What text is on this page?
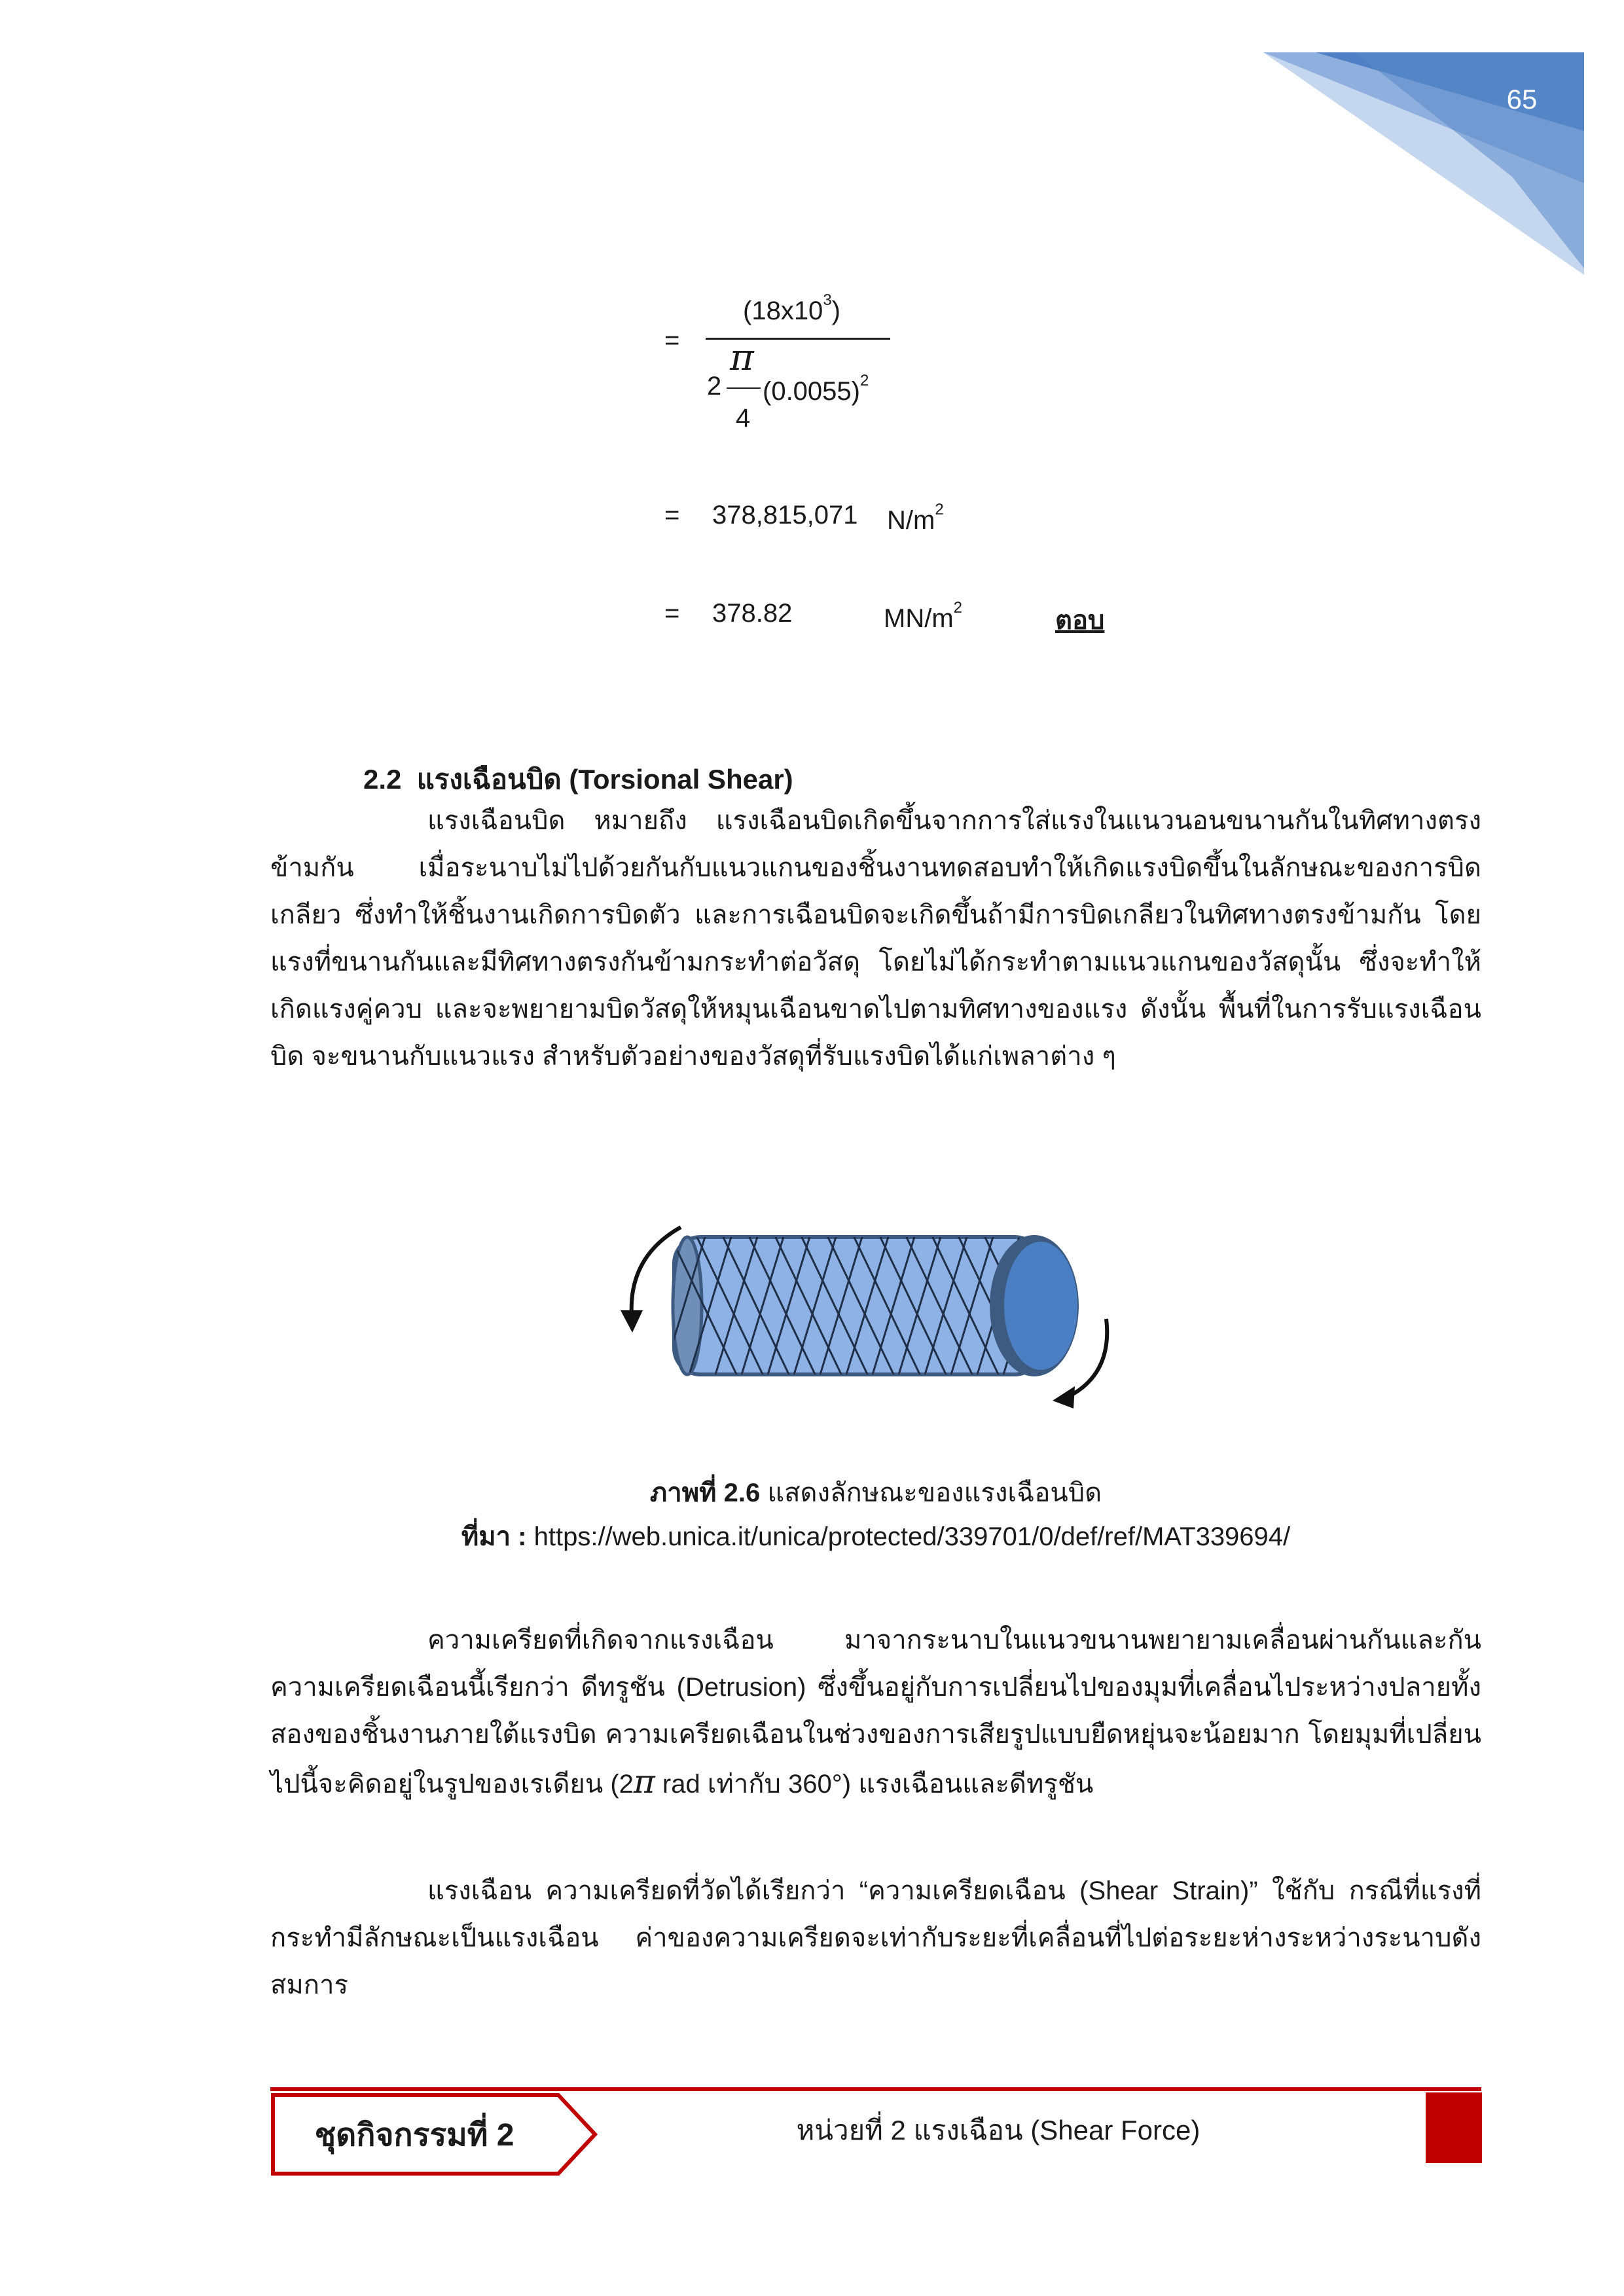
65
=
$(18x10^3)$
2
π
4
$(0.0055)^2$
= 378,815,071 $N/m^2$
= 378.82	$MN/m^2$	ตอบ
2.2 แรงเฉือนบิด (Torsional Shear)
แรงเฉือนบิด หมายถึง แรงเฉือนบิดเกิดขึ้นจากการใส่แรงในแนวนอนขนานกันในทิศทางตรงข้ามกัน เมื่อระนาบไม่ไปด้วยกันกับแนวแกนของชิ้นงานทดสอบทำให้เกิดแรงบิดขึ้นในลักษณะของการบิดเกลียว ซึ่งทำให้ชิ้นงานเกิดการบิดตัว และการเฉือนบิดจะเกิดขึ้นถ้ามีการบิดเกลียวในทิศทางตรงข้ามกัน โดยแรงที่ขนานกันและมีทิศทางตรงกันข้ามกระทำต่อวัสดุ โดยไม่ได้กระทำตามแนวแกนของวัสดุนั้น ซึ่งจะทำให้เกิดแรงคู่ควบ และจะพยายามบิดวัสดุให้หมุนเฉือนขาดไปตามทิศทางของแรง ดังนั้น พื้นที่ในการรับแรงเฉือนบิด จะขนานกับแนวแรง สำหรับตัวอย่างของวัสดุที่รับแรงบิดได้แก่เพลาต่าง ๆ
ภาพที่ 2.6 แสดงลักษณะของแรงเฉือนบิด
ที่มา : https://web.unica.it/unica/protected/339701/0/def/ref/MAT339694/
ความเครียดที่เกิดจากแรงเฉือน มาจากระนาบในแนวขนานพยายามเคลื่อนผ่านกันและกันความเครียดเฉือนนี้เรียกว่า ดีทรูชัน (Detrusion) ซึ่งขึ้นอยู่กับการเปลี่ยนไปของมุมที่เคลื่อนไประหว่างปลายทั้งสองของชิ้นงานภายใต้แรงบิด ความเครียดเฉือนในช่วงของการเสียรูปแบบยืดหยุ่นจะน้อยมาก โดยมุมที่เปลี่ยนไปนี้จะคิดอยู่ในรูปของเรเดียน (2π rad เท่ากับ 360°) แรงเฉือนและดีทรูชัน
แรงเฉือน ความเครียดที่วัดได้เรียกว่า “ความเครียดเฉือน (Shear Strain)” ใช้กับ กรณีที่แรงที่กระทำมีลักษณะเป็นแรงเฉือน ค่าของความเครียดจะเท่ากับระยะที่เคลื่อนที่ไปต่อระยะห่างระหว่างระนาบดังสมการ
ชุดกิจกรรมที่ 2	หน่วยที่ 2 แรงเฉือน (Shear Force)
